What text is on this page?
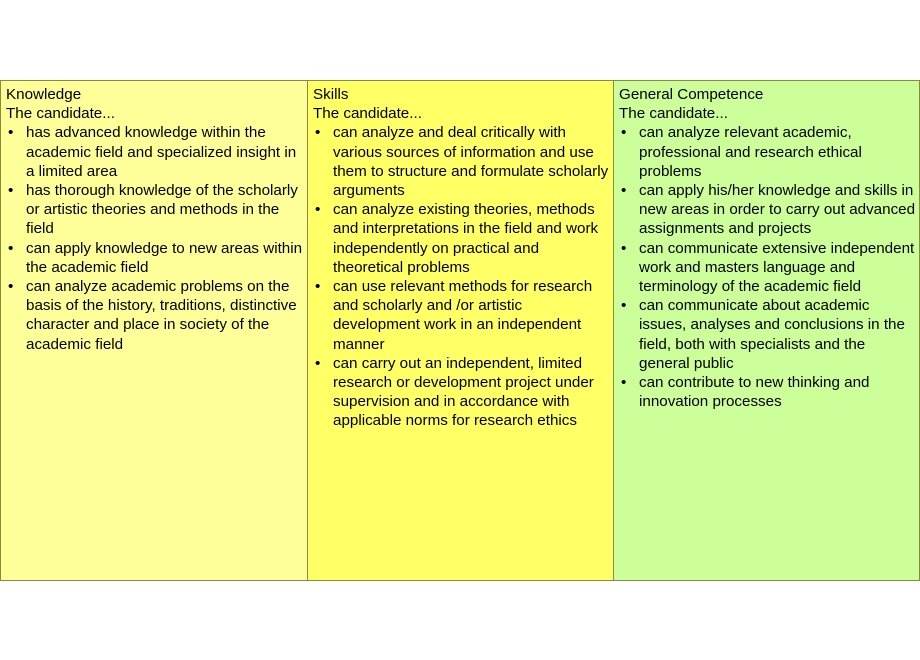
Knowledge
The candidate...
• has advanced knowledge within the academic field and specialized insight in a limited area
• has thorough knowledge of the scholarly or artistic theories and methods in the field
• can apply knowledge to new areas within the academic field
• can analyze academic problems on the basis of the history, traditions, distinctive character and place in society of the academic field
Skills
The candidate...
• can analyze and deal critically with various sources of information and use them to structure and formulate scholarly arguments
• can analyze existing theories, methods and interpretations in the field and work independently on practical and theoretical problems
• can use relevant methods for research and scholarly and /or artistic development work in an independent manner
• can carry out an independent, limited research or development project under supervision and in accordance with applicable norms for research ethics
General Competence
The candidate...
• can analyze relevant academic, professional and research ethical problems
• can apply his/her knowledge and skills in new areas in order to carry out advanced assignments and projects
• can communicate extensive independent work and masters language and terminology of the academic field
• can communicate about academic issues, analyses and conclusions in the field, both with specialists and the general public
• can contribute to new thinking and innovation processes
